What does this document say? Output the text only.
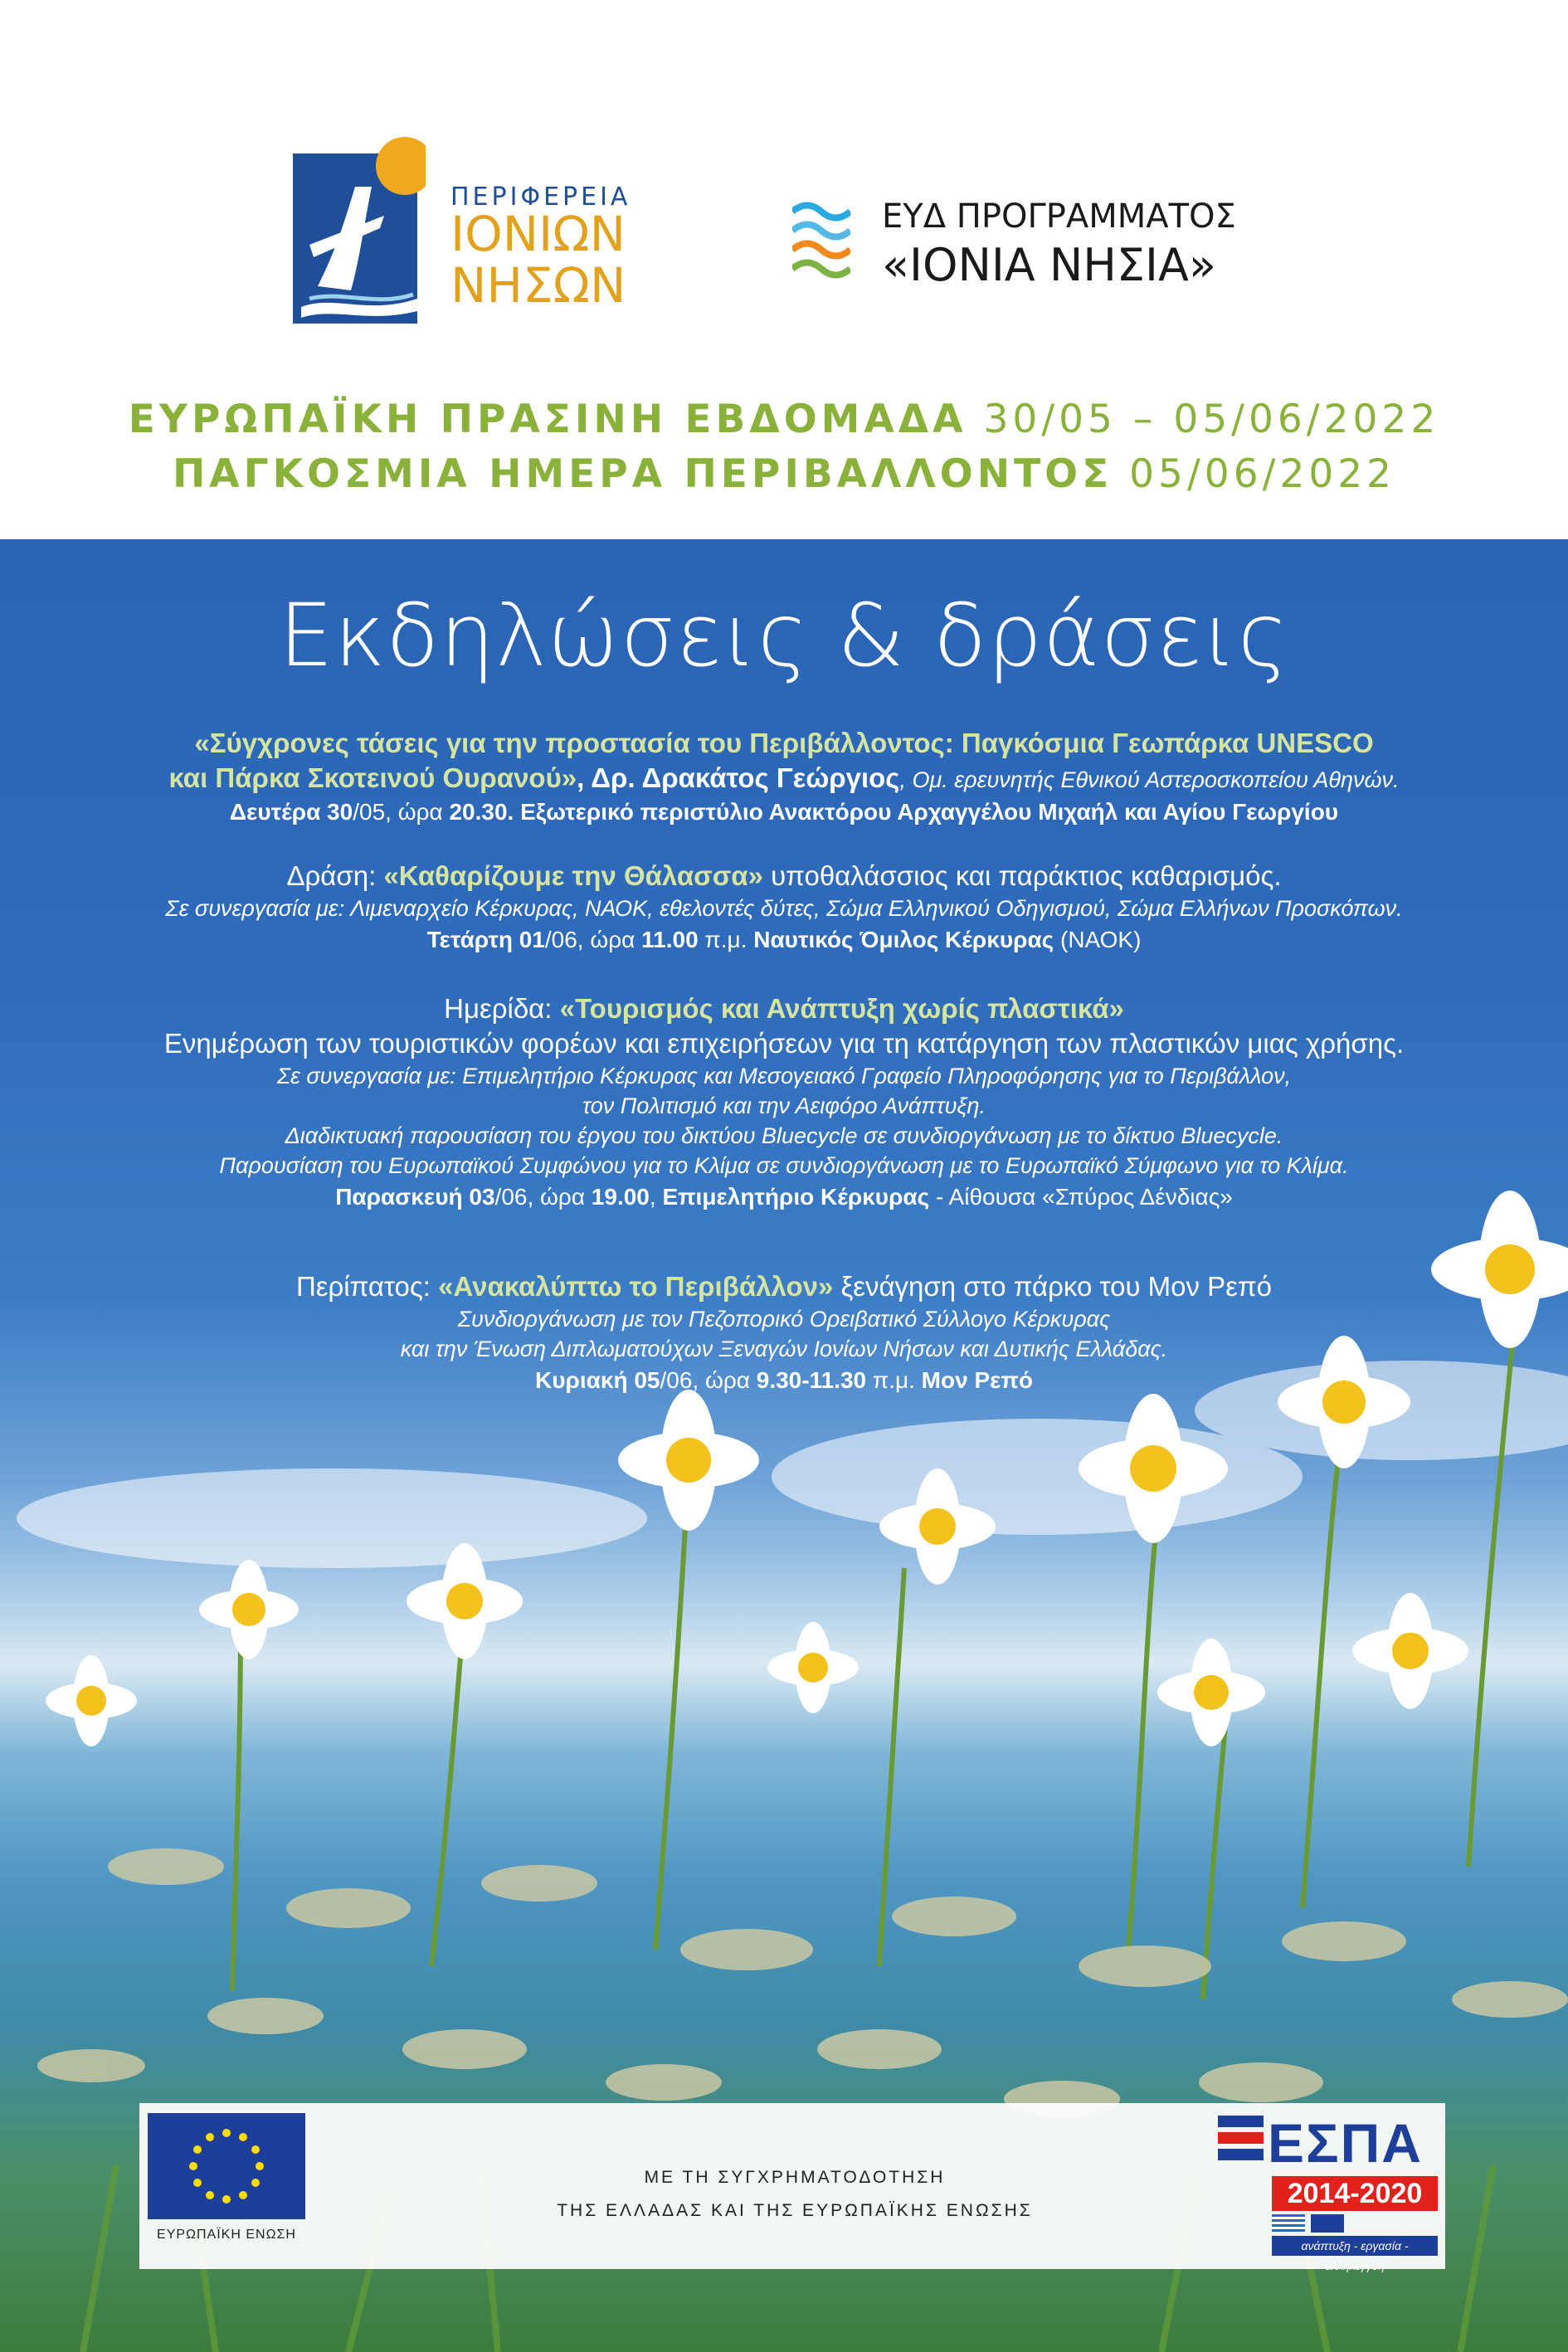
ΠΕΡΙΦΕΡΕΙΑ
ΙΟΝΙΩΝ
ΝΗΣΩΝ
ΕΥΔ ΠΡΟΓΡΑΜΜΑΤΟΣ
«ΙΟΝΙΑ ΝΗΣΙΑ»
ΕΥΡΩΠΑΪΚΗ ΠΡΑΣΙΝΗ ΕΒΔΟΜΑΔΑ 30/05 – 05/06/2022
ΠΑΓΚΟΣΜΙΑ ΗΜΕΡΑ ΠΕΡΙΒΑΛΛΟΝΤΟΣ 05/06/2022
Εκδηλώσεις & δράσεις
«Σύγχρονες τάσεις για την προστασία του Περιβάλλοντος: Παγκόσμια Γεωπάρκα UNESCO
και Πάρκα Σκοτεινού Ουρανού», Δρ. Δρακάτος Γεώργιος, Ομ. ερευνητής Εθνικού Αστεροσκοπείου Αθηνών.
Δευτέρα 30/05, ώρα 20.30. Εξωτερικό περιστύλιο Ανακτόρου Αρχαγγέλου Μιχαήλ και Αγίου Γεωργίου
Δράση: «Καθαρίζουμε την Θάλασσα» υποθαλάσσιος και παράκτιος καθαρισμός.
Σε συνεργασία με: Λιμεναρχείο Κέρκυρας, ΝΑΟΚ, εθελοντές δύτες, Σώμα Ελληνικού Οδηγισμού, Σώμα Ελλήνων Προσκόπων.
Τετάρτη 01/06, ώρα 11.00 π.μ. Ναυτικός Όμιλος Κέρκυρας (ΝΑΟΚ)
Ημερίδα: «Τουρισμός και Ανάπτυξη χωρίς πλαστικά»
Ενημέρωση των τουριστικών φορέων και επιχειρήσεων για τη κατάργηση των πλαστικών μιας χρήσης.
Σε συνεργασία με: Επιμελητήριο Κέρκυρας και Μεσογειακό Γραφείο Πληροφόρησης για το Περιβάλλον,
τον Πολιτισμό και την Αειφόρο Ανάπτυξη.
Διαδικτυακή παρουσίαση του έργου του δικτύου Bluecycle σε συνδιοργάνωση με το δίκτυο Bluecycle.
Παρουσίαση του Ευρωπαϊκού Συμφώνου για το Κλίμα σε συνδιοργάνωση με το Ευρωπαϊκό Σύμφωνο για το Κλίμα.
Παρασκευή 03/06, ώρα 19.00, Επιμελητήριο Κέρκυρας - Αίθουσα «Σπύρος Δένδιας»
Περίπατος: «Ανακαλύπτω το Περιβάλλον» ξενάγηση στο πάρκο του Μον Ρεπό
Συνδιοργάνωση με τον Πεζοπορικό Ορειβατικό Σύλλογο Κέρκυρας
και την Ένωση Διπλωματούχων Ξεναγών Ιονίων Νήσων και Δυτικής Ελλάδας.
Κυριακή 05/06, ώρα 9.30-11.30 π.μ. Μον Ρεπό
ΕΥΡΩΠΑΪΚΗ ΕΝΩΣΗ
ΜΕ ΤΗ ΣΥΓΧΡΗΜΑΤΟΔΟΤΗΣΗ
ΤΗΣ ΕΛΛΑΔΑΣ ΚΑΙ ΤΗΣ ΕΥΡΩΠΑΪΚΗΣ ΕΝΩΣΗΣ
ΕΣΠΑ
2014-2020
ανάπτυξη - εργασία - αλληλεγγύη
